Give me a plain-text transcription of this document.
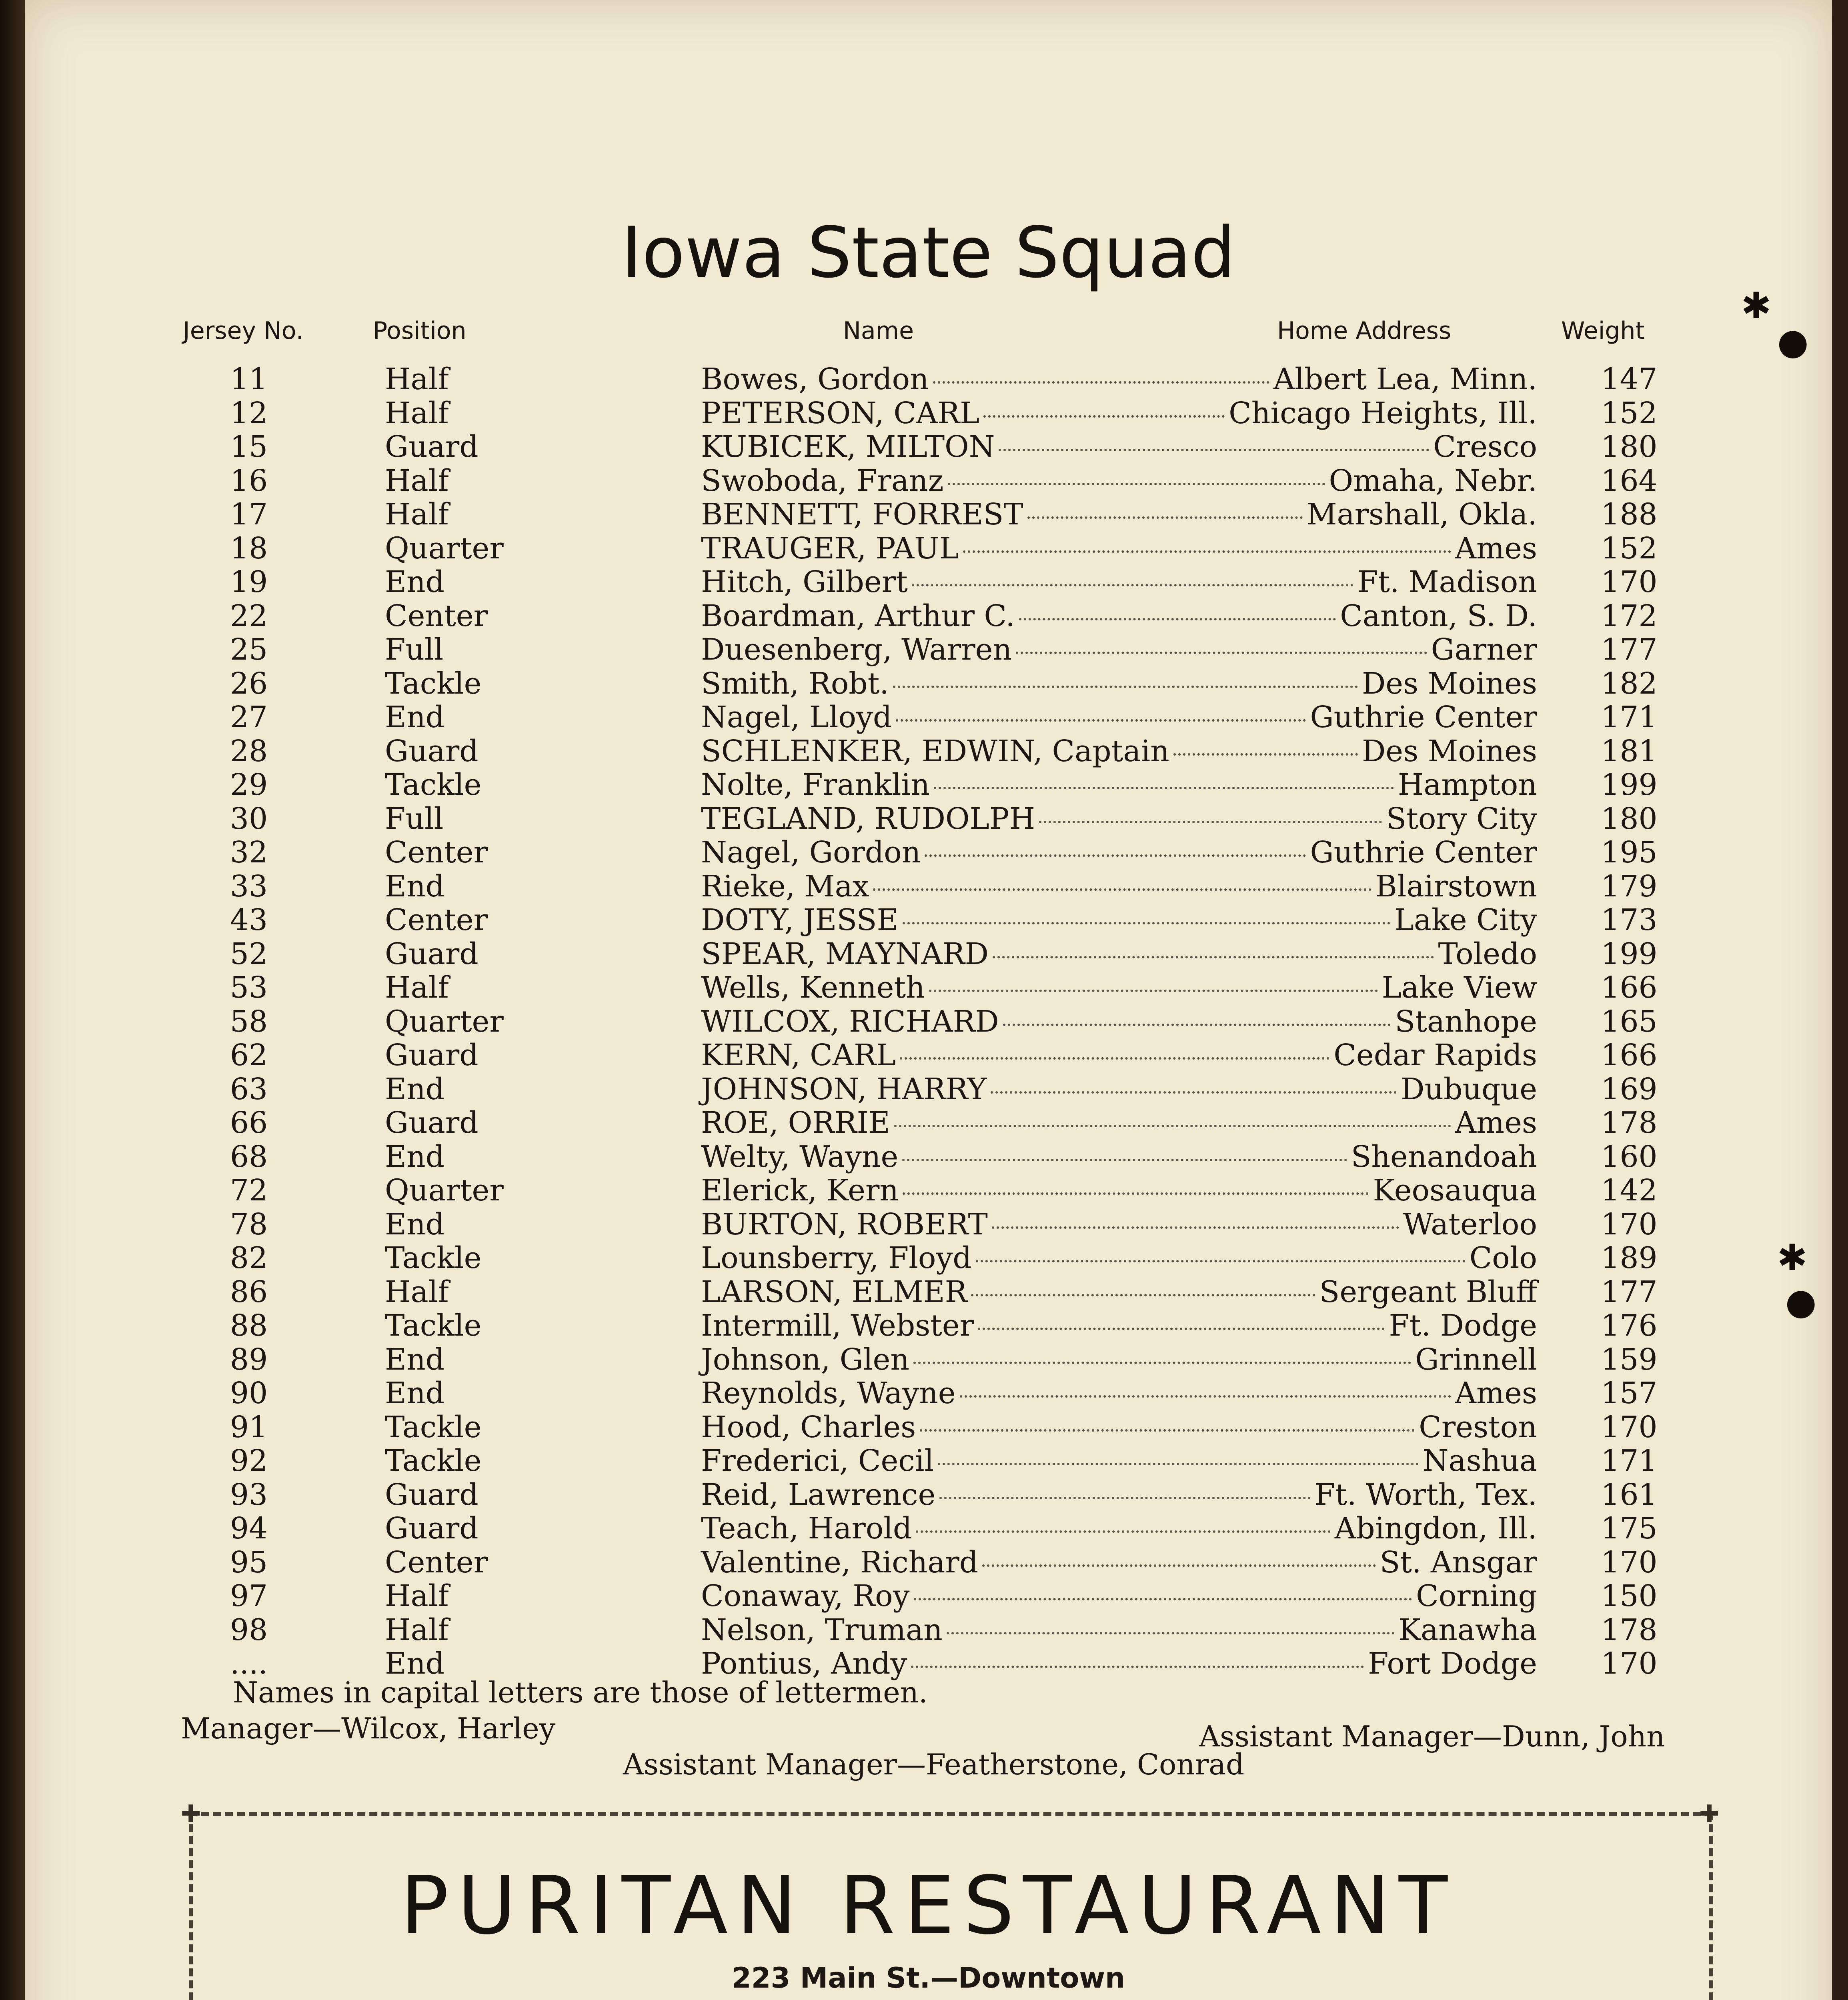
Iowa State Squad
Jersey No.	Position	Name	Home Address	Weight
11	Half	Bowes, Gordon	Albert Lea, Minn.	147
12	Half	PETERSON, CARL	Chicago Heights, Ill.	152
15	Guard	KUBICEK, MILTON	Cresco	180
16	Half	Swoboda, Franz	Omaha, Nebr.	164
17	Half	BENNETT, FORREST	Marshall, Okla.	188
18	Quarter	TRAUGER, PAUL	Ames	152
19	End	Hitch, Gilbert	Ft. Madison	170
22	Center	Boardman, Arthur C.	Canton, S. D.	172
25	Full	Duesenberg, Warren	Garner	177
26	Tackle	Smith, Robt.	Des Moines	182
27	End	Nagel, Lloyd	Guthrie Center	171
28	Guard	SCHLENKER, EDWIN, Captain	Des Moines	181
29	Tackle	Nolte, Franklin	Hampton	199
30	Full	TEGLAND, RUDOLPH	Story City	180
32	Center	Nagel, Gordon	Guthrie Center	195
33	End	Rieke, Max	Blairstown	179
43	Center	DOTY, JESSE	Lake City	173
52	Guard	SPEAR, MAYNARD	Toledo	199
53	Half	Wells, Kenneth	Lake View	166
58	Quarter	WILCOX, RICHARD	Stanhope	165
62	Guard	KERN, CARL	Cedar Rapids	166
63	End	JOHNSON, HARRY	Dubuque	169
66	Guard	ROE, ORRIE	Ames	178
68	End	Welty, Wayne	Shenandoah	160
72	Quarter	Elerick, Kern	Keosauqua	142
78	End	BURTON, ROBERT	Waterloo	170
82	Tackle	Lounsberry, Floyd	Colo	189
86	Half	LARSON, ELMER	Sergeant Bluff	177
88	Tackle	Intermill, Webster	Ft. Dodge	176
89	End	Johnson, Glen	Grinnell	159
90	End	Reynolds, Wayne	Ames	157
91	Tackle	Hood, Charles	Creston	170
92	Tackle	Frederici, Cecil	Nashua	171
93	Guard	Reid, Lawrence	Ft. Worth, Tex.	161
94	Guard	Teach, Harold	Abingdon, Ill.	175
95	Center	Valentine, Richard	St. Ansgar	170
97	Half	Conaway, Roy	Corning	150
98	Half	Nelson, Truman	Kanawha	178
....	End	Pontius, Andy	Fort Dodge	170
Names in capital letters are those of lettermen.
Manager—Wilcox, Harley	Assistant Manager—Dunn, John
Assistant Manager—Featherstone, Conrad
✚	✚
PURITAN RESTAURANT
223 Main St.—Downtown
✱
●
✱
●
